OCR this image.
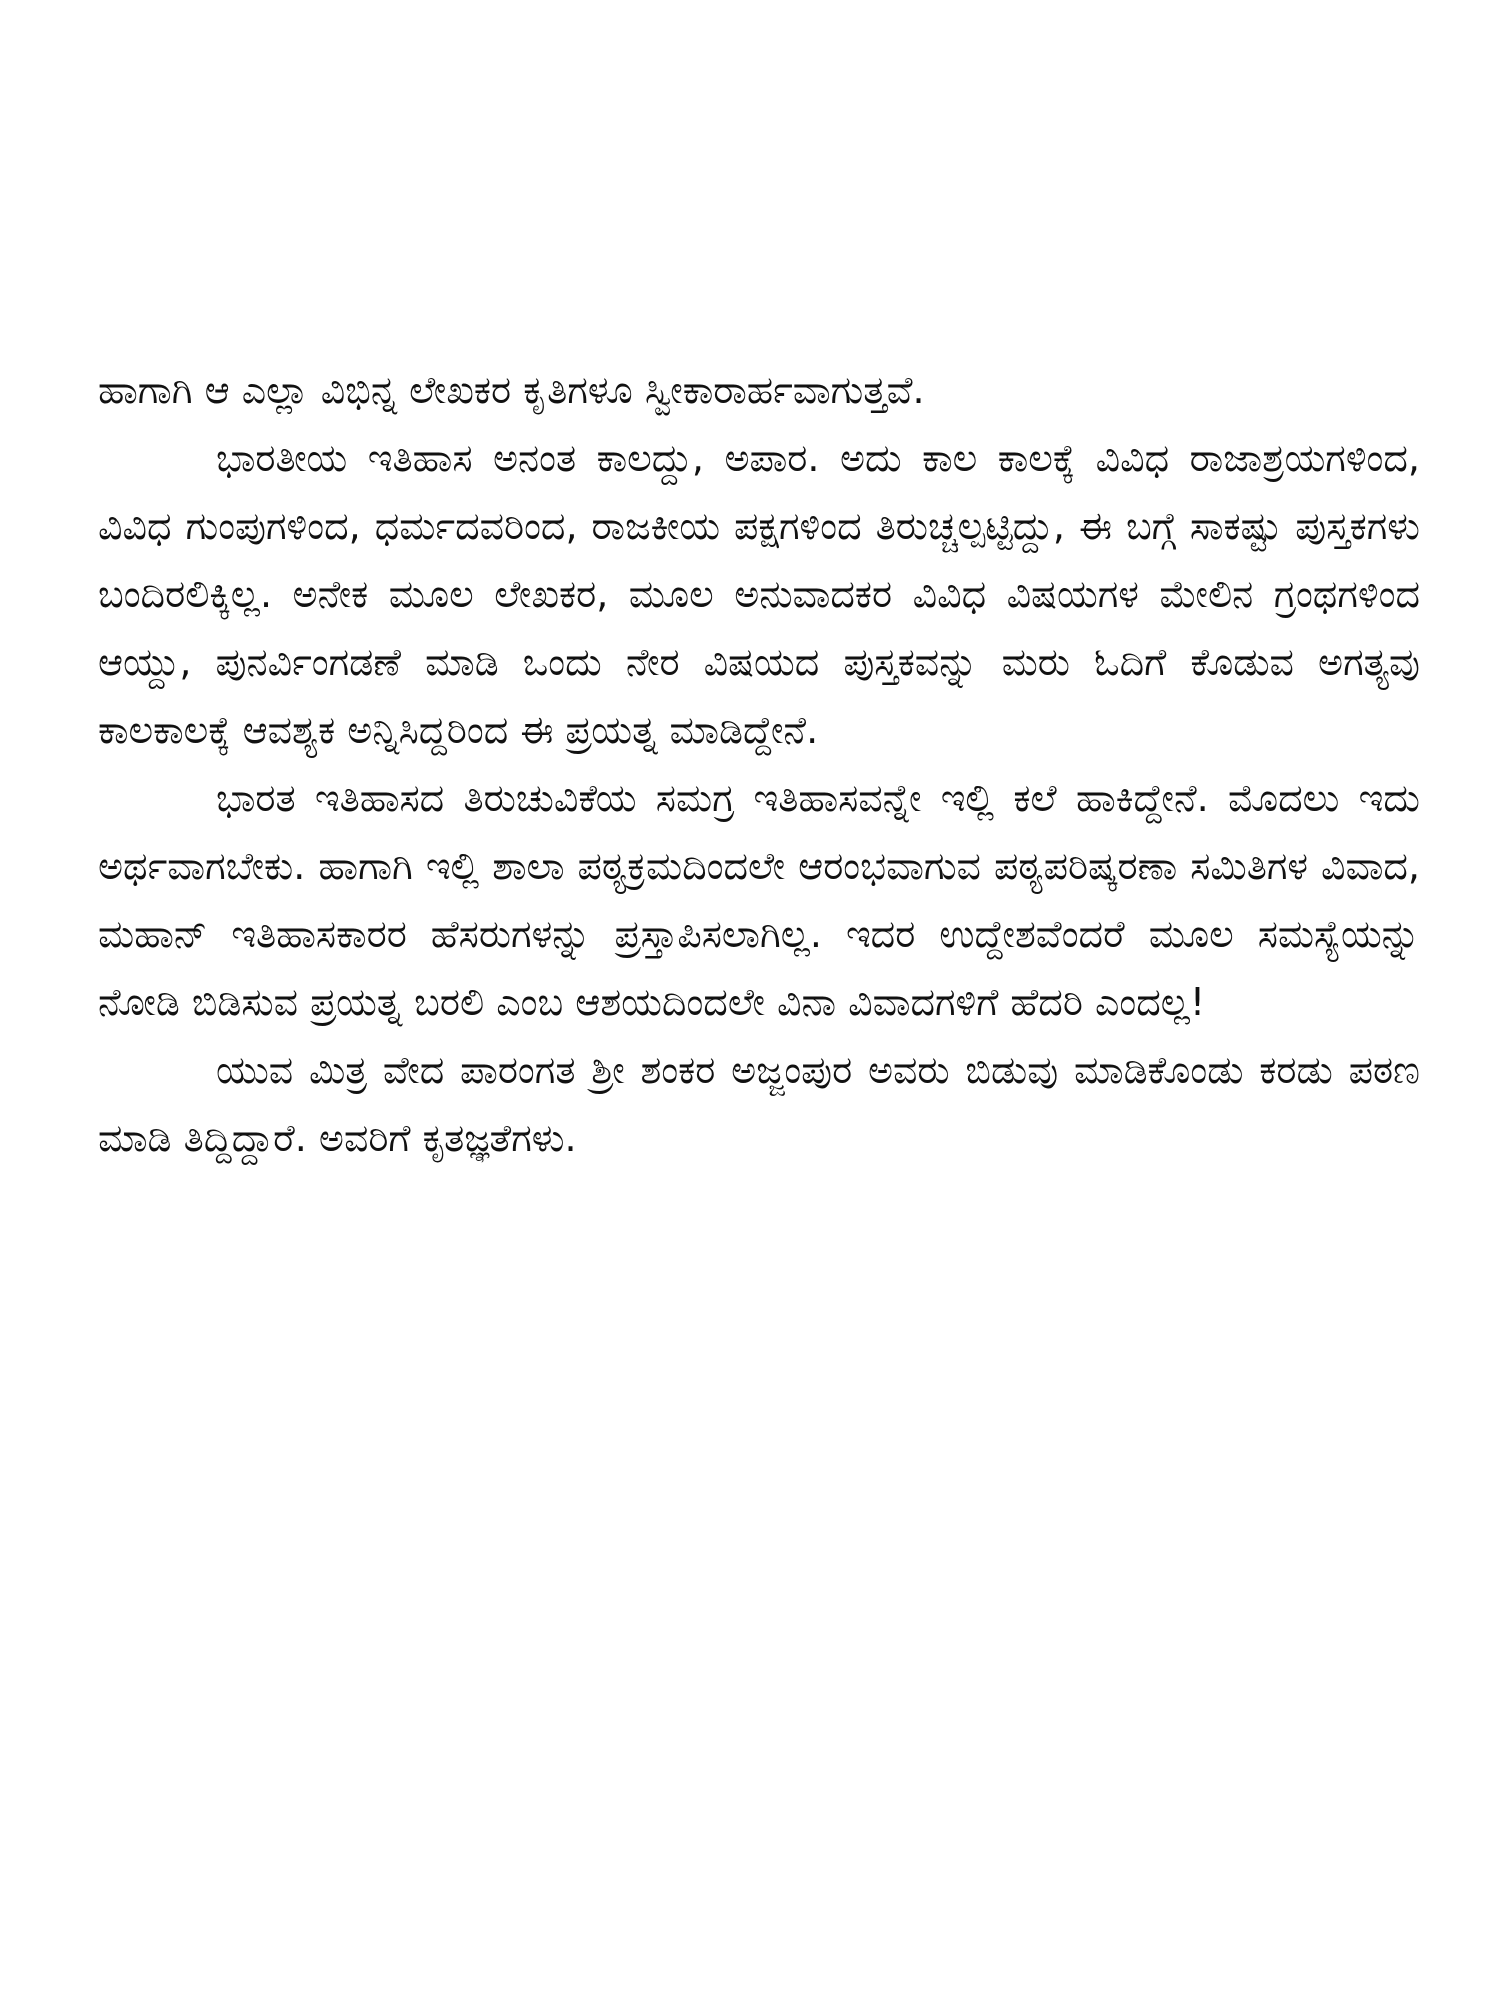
ಹಾಗಾಗಿ ಆ ಎಲ್ಲಾ ವಿಭಿನ್ನ ಲೇಖಕರ ಕೃತಿಗಳೂ ಸ್ವೀಕಾರಾರ್ಹವಾಗುತ್ತವೆ.

ಭಾರತೀಯ ಇತಿಹಾಸ ಅನಂತ ಕಾಲದ್ದು, ಅಪಾರ. ಅದು ಕಾಲ ಕಾಲಕ್ಕೆ ವಿವಿಧ ರಾಜಾಶ್ರಯಗಳಿಂದ, ವಿವಿಧ ಗುಂಪುಗಳಿಂದ, ಧರ್ಮದವರಿಂದ, ರಾಜಕೀಯ ಪಕ್ಷಗಳಿಂದ ತಿರುಚ್ಚಲ್ಪಟ್ಟಿದ್ದು, ಈ ಬಗ್ಗೆ ಸಾಕಷ್ಟು ಪುಸ್ತಕಗಳು ಬಂದಿರಲಿಕ್ಕಿಲ್ಲ. ಅನೇಕ ಮೂಲ ಲೇಖಕರ, ಮೂಲ ಅನುವಾದಕರ ವಿವಿಧ ವಿಷಯಗಳ ಮೇಲಿನ ಗ್ರಂಥಗಳಿಂದ ಆಯ್ದು, ಪುನರ್ವಿಂಗಡಣೆ ಮಾಡಿ ಒಂದು ನೇರ ವಿಷಯದ ಪುಸ್ತಕವನ್ನು ಮರು ಓದಿಗೆ ಕೊಡುವ ಅಗತ್ಯವು ಕಾಲಕಾಲಕ್ಕೆ ಆವಶ್ಯಕ ಅನ್ನಿಸಿದ್ದರಿಂದ ಈ ಪ್ರಯತ್ನ ಮಾಡಿದ್ದೇನೆ.

ಭಾರತ ಇತಿಹಾಸದ ತಿರುಚುವಿಕೆಯ ಸಮಗ್ರ ಇತಿಹಾಸವನ್ನೇ ಇಲ್ಲಿ ಕಲೆ ಹಾಕಿದ್ದೇನೆ. ಮೊದಲು ಇದು ಅರ್ಥವಾಗಬೇಕು. ಹಾಗಾಗಿ ಇಲ್ಲಿ ಶಾಲಾ ಪಠ್ಯಕ್ರಮದಿಂದಲೇ ಆರಂಭವಾಗುವ ಪಠ್ಯಪರಿಷ್ಕರಣಾ ಸಮಿತಿಗಳ ವಿವಾದ, ಮಹಾನ್ ಇತಿಹಾಸಕಾರರ ಹೆಸರುಗಳನ್ನು ಪ್ರಸ್ತಾಪಿಸಲಾಗಿಲ್ಲ. ಇದರ ಉದ್ದೇಶವೆಂದರೆ ಮೂಲ ಸಮಸ್ಯೆಯನ್ನು ನೋಡಿ ಬಿಡಿಸುವ ಪ್ರಯತ್ನ ಬರಲಿ ಎಂಬ ಆಶಯದಿಂದಲೇ ವಿನಾ ವಿವಾದಗಳಿಗೆ ಹೆದರಿ ಎಂದಲ್ಲ!

ಯುವ ಮಿತ್ರ ವೇದ ಪಾರಂಗತ ಶ್ರೀ ಶಂಕರ ಅಜ್ಜಂಪುರ ಅವರು ಬಿಡುವು ಮಾಡಿಕೊಂಡು ಕರಡು ಪಠಣ ಮಾಡಿ ತಿದ್ದಿದ್ದಾರೆ. ಅವರಿಗೆ ಕೃತಜ್ಞತೆಗಳು.
